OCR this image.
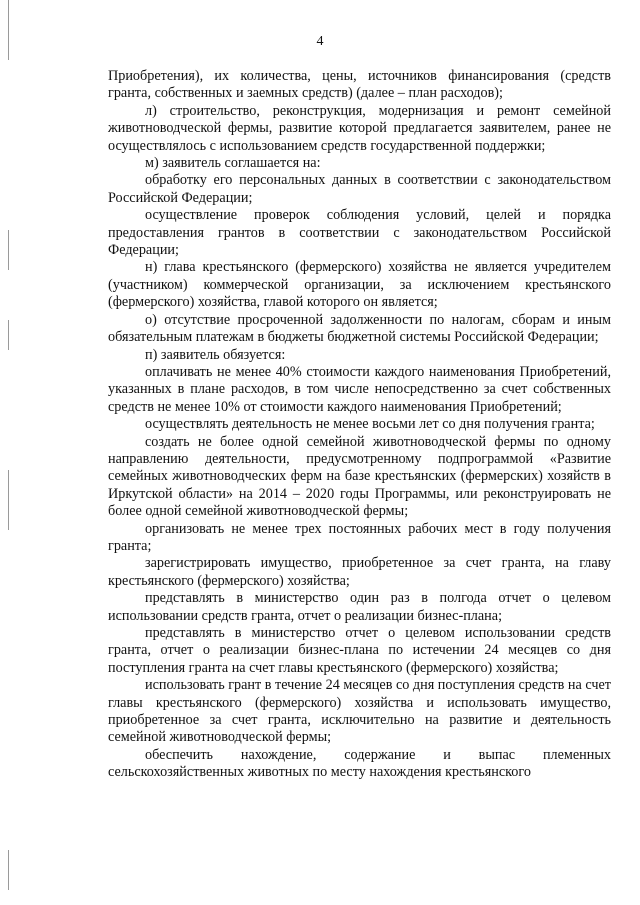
4

Приобретения), их количества, цены, источников финансирования (средств гранта, собственных и заемных средств) (далее – план расходов);

л) строительство, реконструкция, модернизация и ремонт семейной животноводческой фермы, развитие которой предлагается заявителем, ранее не осуществлялось с использованием средств государственной поддержки;

м) заявитель соглашается на:

обработку его персональных данных в соответствии с законодательством Российской Федерации;

осуществление проверок соблюдения условий, целей и порядка предоставления грантов в соответствии с законодательством Российской Федерации;

н) глава крестьянского (фермерского) хозяйства не является учредителем (участником) коммерческой организации, за исключением крестьянского (фермерского) хозяйства, главой которого он является;

о) отсутствие просроченной задолженности по налогам, сборам и иным обязательным платежам в бюджеты бюджетной системы Российской Федерации;

п) заявитель обязуется:

оплачивать не менее 40% стоимости каждого наименования Приобретений, указанных в плане расходов, в том числе непосредственно за счет собственных средств не менее 10% от стоимости каждого наименования Приобретений;

осуществлять деятельность не менее восьми лет со дня получения гранта;

создать не более одной семейной животноводческой фермы по одному направлению деятельности, предусмотренному подпрограммой «Развитие семейных животноводческих ферм на базе крестьянских (фермерских) хозяйств в Иркутской области» на 2014 – 2020 годы Программы, или реконструировать не более одной семейной животноводческой фермы;

организовать не менее трех постоянных рабочих мест в году получения гранта;

зарегистрировать имущество, приобретенное за счет гранта, на главу крестьянского (фермерского) хозяйства;

представлять в министерство один раз в полгода отчет о целевом использовании средств гранта, отчет о реализации бизнес-плана;

представлять в министерство отчет о целевом использовании средств гранта, отчет о реализации бизнес-плана по истечении 24 месяцев со дня поступления гранта на счет главы крестьянского (фермерского) хозяйства;

использовать грант в течение 24 месяцев со дня поступления средств на счет главы крестьянского (фермерского) хозяйства и использовать имущество, приобретенное за счет гранта, исключительно на развитие и деятельность семейной животноводческой фермы;

обеспечить нахождение, содержание и выпас племенных сельскохозяйственных животных по месту нахождения крестьянского
